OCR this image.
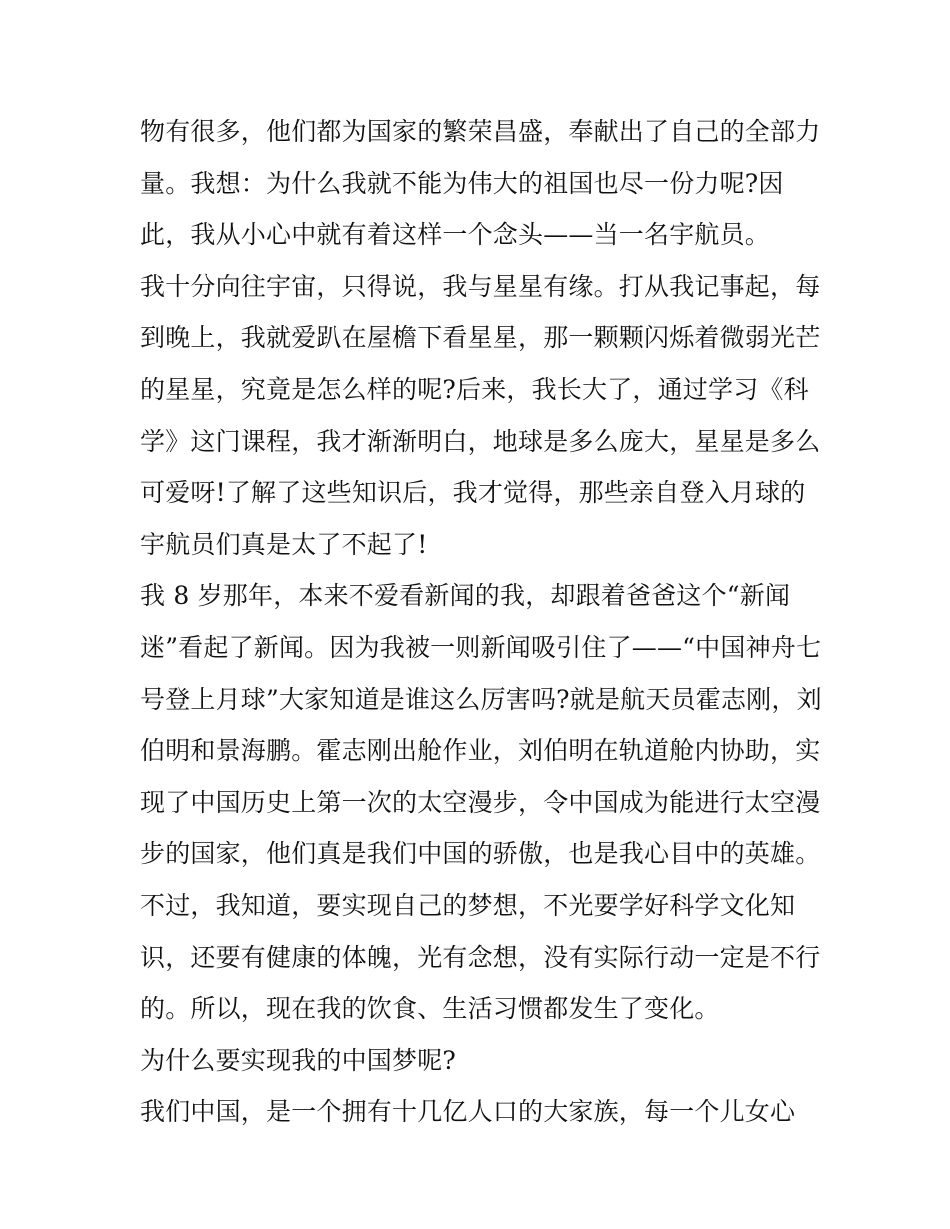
物有很多，他们都为国家的繁荣昌盛，奉献出了自己的全部力
量。我想：为什么我就不能为伟大的祖国也尽一份力呢?因
此，我从小心中就有着这样一个念头——当一名宇航员。
我十分向往宇宙，只得说，我与星星有缘。打从我记事起，每
到晚上，我就爱趴在屋檐下看星星，那一颗颗闪烁着微弱光芒
的星星，究竟是怎么样的呢?后来，我长大了，通过学习《科
学》这门课程，我才渐渐明白，地球是多么庞大，星星是多么
可爱呀!了解了这些知识后，我才觉得，那些亲自登入月球的
宇航员们真是太了不起了!
我 8 岁那年，本来不爱看新闻的我，却跟着爸爸这个“新闻
迷”看起了新闻。因为我被一则新闻吸引住了——“中国神舟七
号登上月球”大家知道是谁这么厉害吗?就是航天员霍志刚，刘
伯明和景海鹏。霍志刚出舱作业，刘伯明在轨道舱内协助，实
现了中国历史上第一次的太空漫步，令中国成为能进行太空漫
步的国家，他们真是我们中国的骄傲，也是我心目中的英雄。
不过，我知道，要实现自己的梦想，不光要学好科学文化知
识，还要有健康的体魄，光有念想，没有实际行动一定是不行
的。所以，现在我的饮食、生活习惯都发生了变化。
为什么要实现我的中国梦呢?
我们中国，是一个拥有十几亿人口的大家族，每一个儿女心
